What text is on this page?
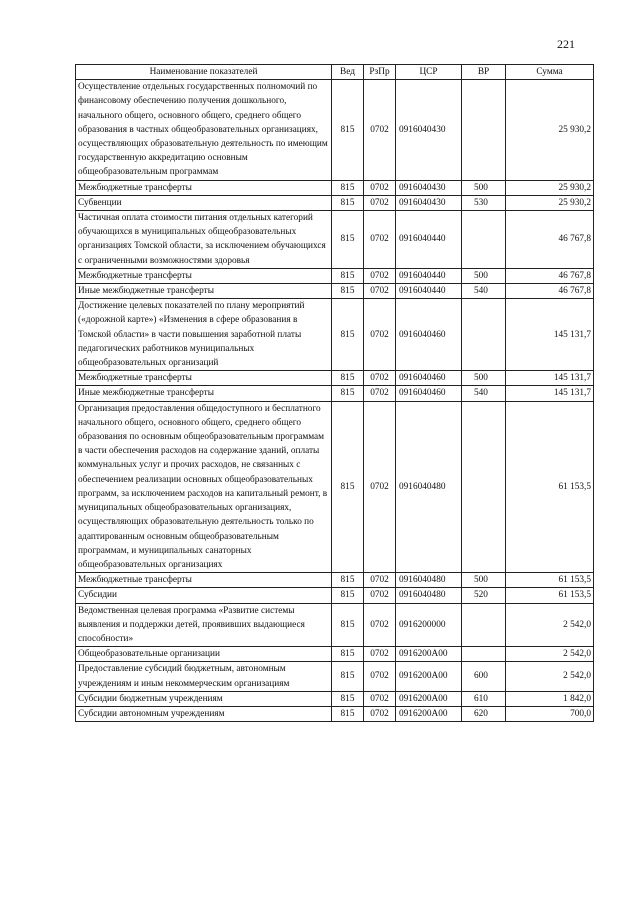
221
Наименование показателей	Вед	РзПр	ЦСР	ВР	Сумма
Осуществление отдельных государственных полномочий по финансовому обеспечению получения дошкольного, начального общего, основного общего, среднего общего образования в частных общеобразовательных организациях, осуществляющих образовательную деятельность по имеющим государственную аккредитацию основным общеобразовательным программам	815	0702	0916040430		25 930,2
Межбюджетные трансферты	815	0702	0916040430	500	25 930,2
Субвенции	815	0702	0916040430	530	25 930,2
Частичная оплата стоимости питания отдельных категорий обучающихся в муниципальных общеобразовательных организациях Томской области, за исключением обучающихся с ограниченными возможностями здоровья	815	0702	0916040440		46 767,8
Межбюджетные трансферты	815	0702	0916040440	500	46 767,8
Иные межбюджетные трансферты	815	0702	0916040440	540	46 767,8
Достижение целевых показателей по плану мероприятий («дорожной карте») «Изменения в сфере образования в Томской области» в части повышения заработной платы педагогических работников муниципальных общеобразовательных организаций	815	0702	0916040460		145 131,7
Межбюджетные трансферты	815	0702	0916040460	500	145 131,7
Иные межбюджетные трансферты	815	0702	0916040460	540	145 131,7
Организация предоставления общедоступного и бесплатного начального общего, основного общего, среднего общего образования по основным общеобразовательным программам в части обеспечения расходов на содержание зданий, оплаты коммунальных услуг и прочих расходов, не связанных с обеспечением реализации основных общеобразовательных программ, за исключением расходов на капитальный ремонт, в муниципальных общеобразовательных организациях, осуществляющих образовательную деятельность только по адаптированным основным общеобразовательным программам, и муниципальных санаторных общеобразовательных организациях	815	0702	0916040480		61 153,5
Межбюджетные трансферты	815	0702	0916040480	500	61 153,5
Субсидии	815	0702	0916040480	520	61 153,5
Ведомственная целевая программа «Развитие системы выявления и поддержки детей, проявивших выдающиеся способности»	815	0702	0916200000		2 542,0
Общеобразовательные организации	815	0702	0916200А00		2 542,0
Предоставление субсидий бюджетным, автономным учреждениям и иным некоммерческим организациям	815	0702	0916200А00	600	2 542,0
Субсидии бюджетным учреждениям	815	0702	0916200А00	610	1 842,0
Субсидии автономным учреждениям	815	0702	0916200А00	620	700,0
